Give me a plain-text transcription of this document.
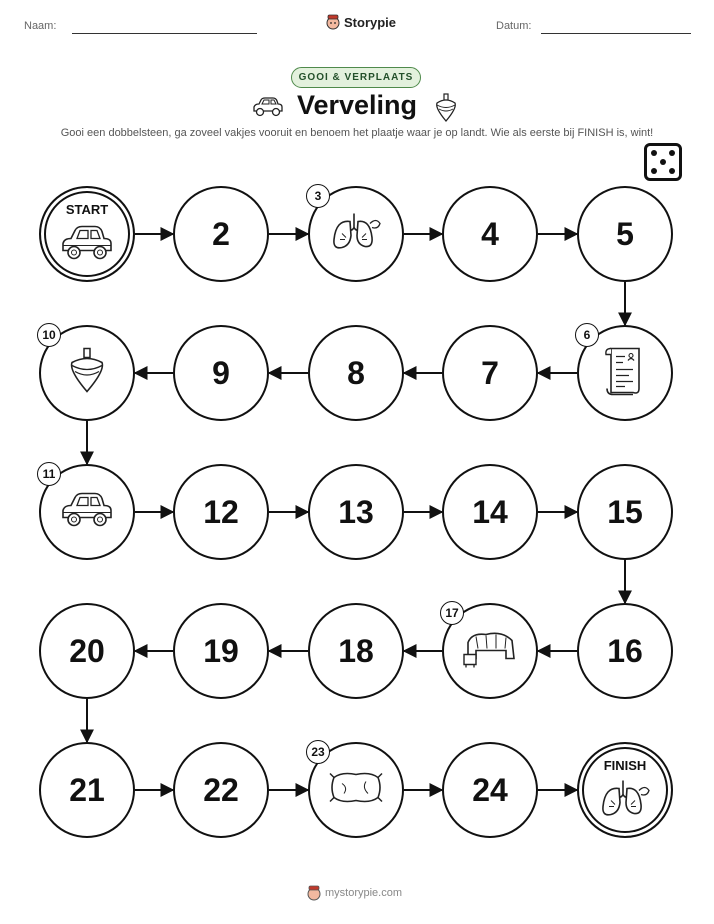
Naam:	Storypie	Datum:
GOOI & VERPLAATS
Verveling
Gooi een dobbelsteen, ga zoveel vakjes vooruit en benoem het plaatje waar je op landt. Wie als eerste bij FINISH is, wint!
START
2
3
4	5
6
7
8
9
10
11
12	13	14	15
16
17
18
19
20
21	22
23
24
FINISH
mystorypie.com
